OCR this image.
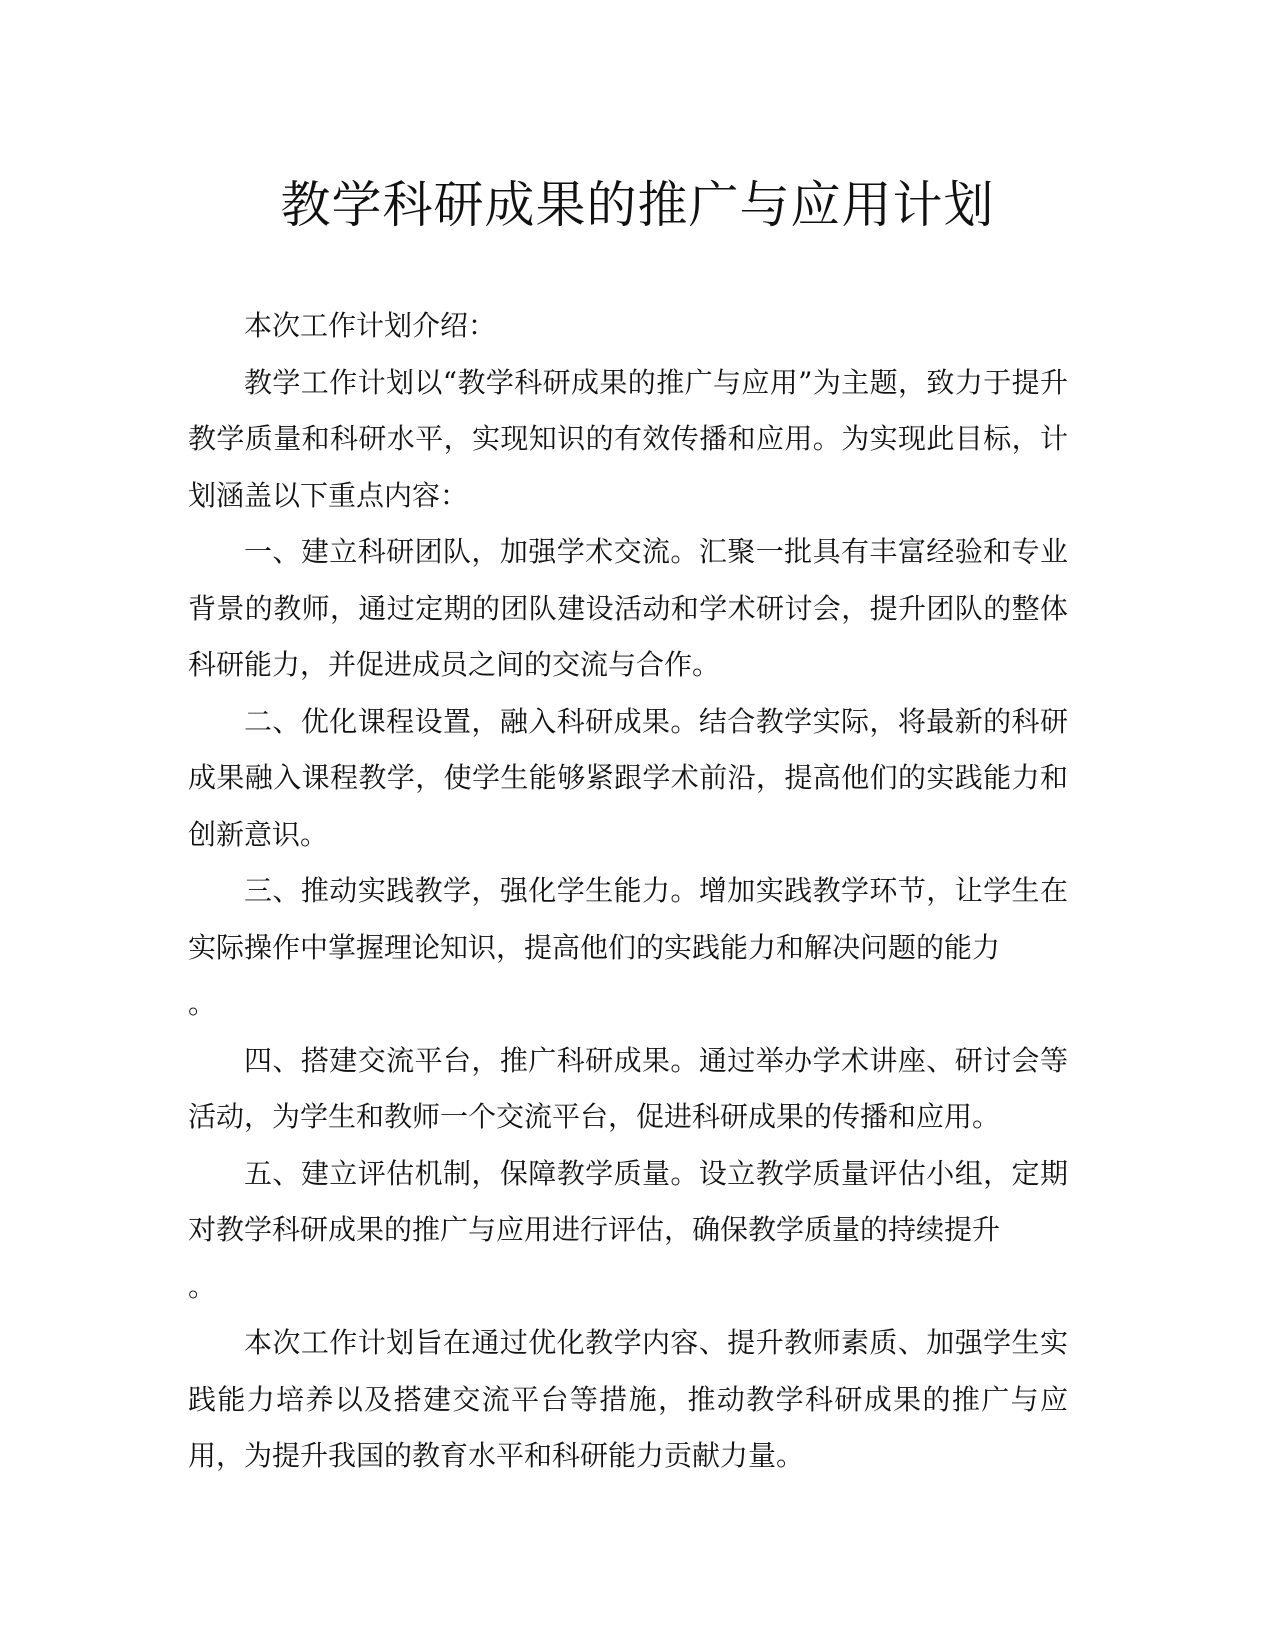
教学科研成果的推广与应用计划

本次工作计划介绍：

教学工作计划以“教学科研成果的推广与应用”为主题，致力于提升教学质量和科研水平，实现知识的有效传播和应用。为实现此目标，计划涵盖以下重点内容：

一、建立科研团队，加强学术交流。汇聚一批具有丰富经验和专业背景的教师，通过定期的团队建设活动和学术研讨会，提升团队的整体科研能力，并促进成员之间的交流与合作。

二、优化课程设置，融入科研成果。结合教学实际，将最新的科研成果融入课程教学，使学生能够紧跟学术前沿，提高他们的实践能力和创新意识。

三、推动实践教学，强化学生能力。增加实践教学环节，让学生在实际操作中掌握理论知识，提高他们的实践能力和解决问题的能力

。

四、搭建交流平台，推广科研成果。通过举办学术讲座、研讨会等活动，为学生和教师一个交流平台，促进科研成果的传播和应用。

五、建立评估机制，保障教学质量。设立教学质量评估小组，定期对教学科研成果的推广与应用进行评估，确保教学质量的持续提升

。

本次工作计划旨在通过优化教学内容、提升教师素质、加强学生实践能力培养以及搭建交流平台等措施，推动教学科研成果的推广与应用，为提升我国的教育水平和科研能力贡献力量。
